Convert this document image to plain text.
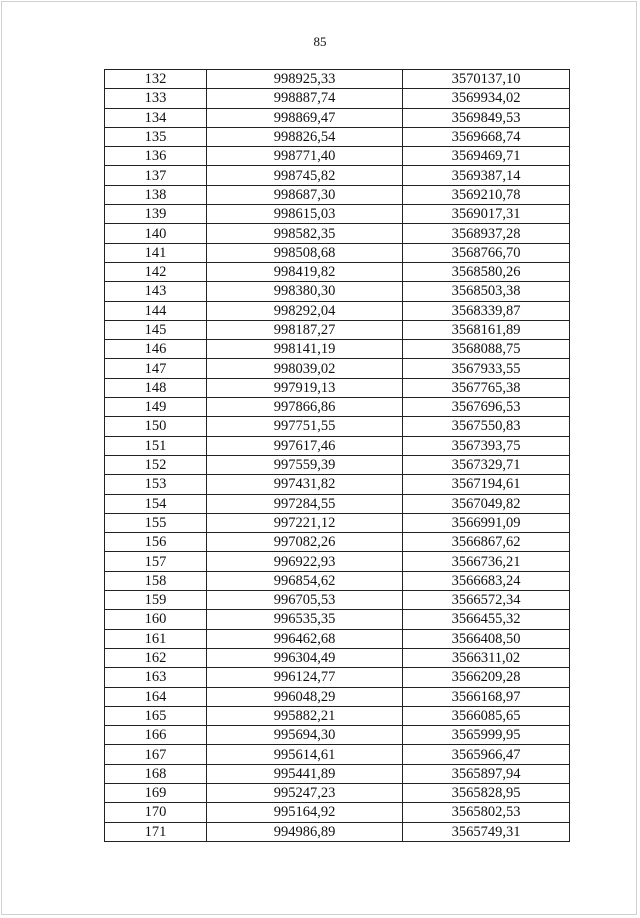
85
132	998925,33	3570137,10
133	998887,74	3569934,02
134	998869,47	3569849,53
135	998826,54	3569668,74
136	998771,40	3569469,71
137	998745,82	3569387,14
138	998687,30	3569210,78
139	998615,03	3569017,31
140	998582,35	3568937,28
141	998508,68	3568766,70
142	998419,82	3568580,26
143	998380,30	3568503,38
144	998292,04	3568339,87
145	998187,27	3568161,89
146	998141,19	3568088,75
147	998039,02	3567933,55
148	997919,13	3567765,38
149	997866,86	3567696,53
150	997751,55	3567550,83
151	997617,46	3567393,75
152	997559,39	3567329,71
153	997431,82	3567194,61
154	997284,55	3567049,82
155	997221,12	3566991,09
156	997082,26	3566867,62
157	996922,93	3566736,21
158	996854,62	3566683,24
159	996705,53	3566572,34
160	996535,35	3566455,32
161	996462,68	3566408,50
162	996304,49	3566311,02
163	996124,77	3566209,28
164	996048,29	3566168,97
165	995882,21	3566085,65
166	995694,30	3565999,95
167	995614,61	3565966,47
168	995441,89	3565897,94
169	995247,23	3565828,95
170	995164,92	3565802,53
171	994986,89	3565749,31
